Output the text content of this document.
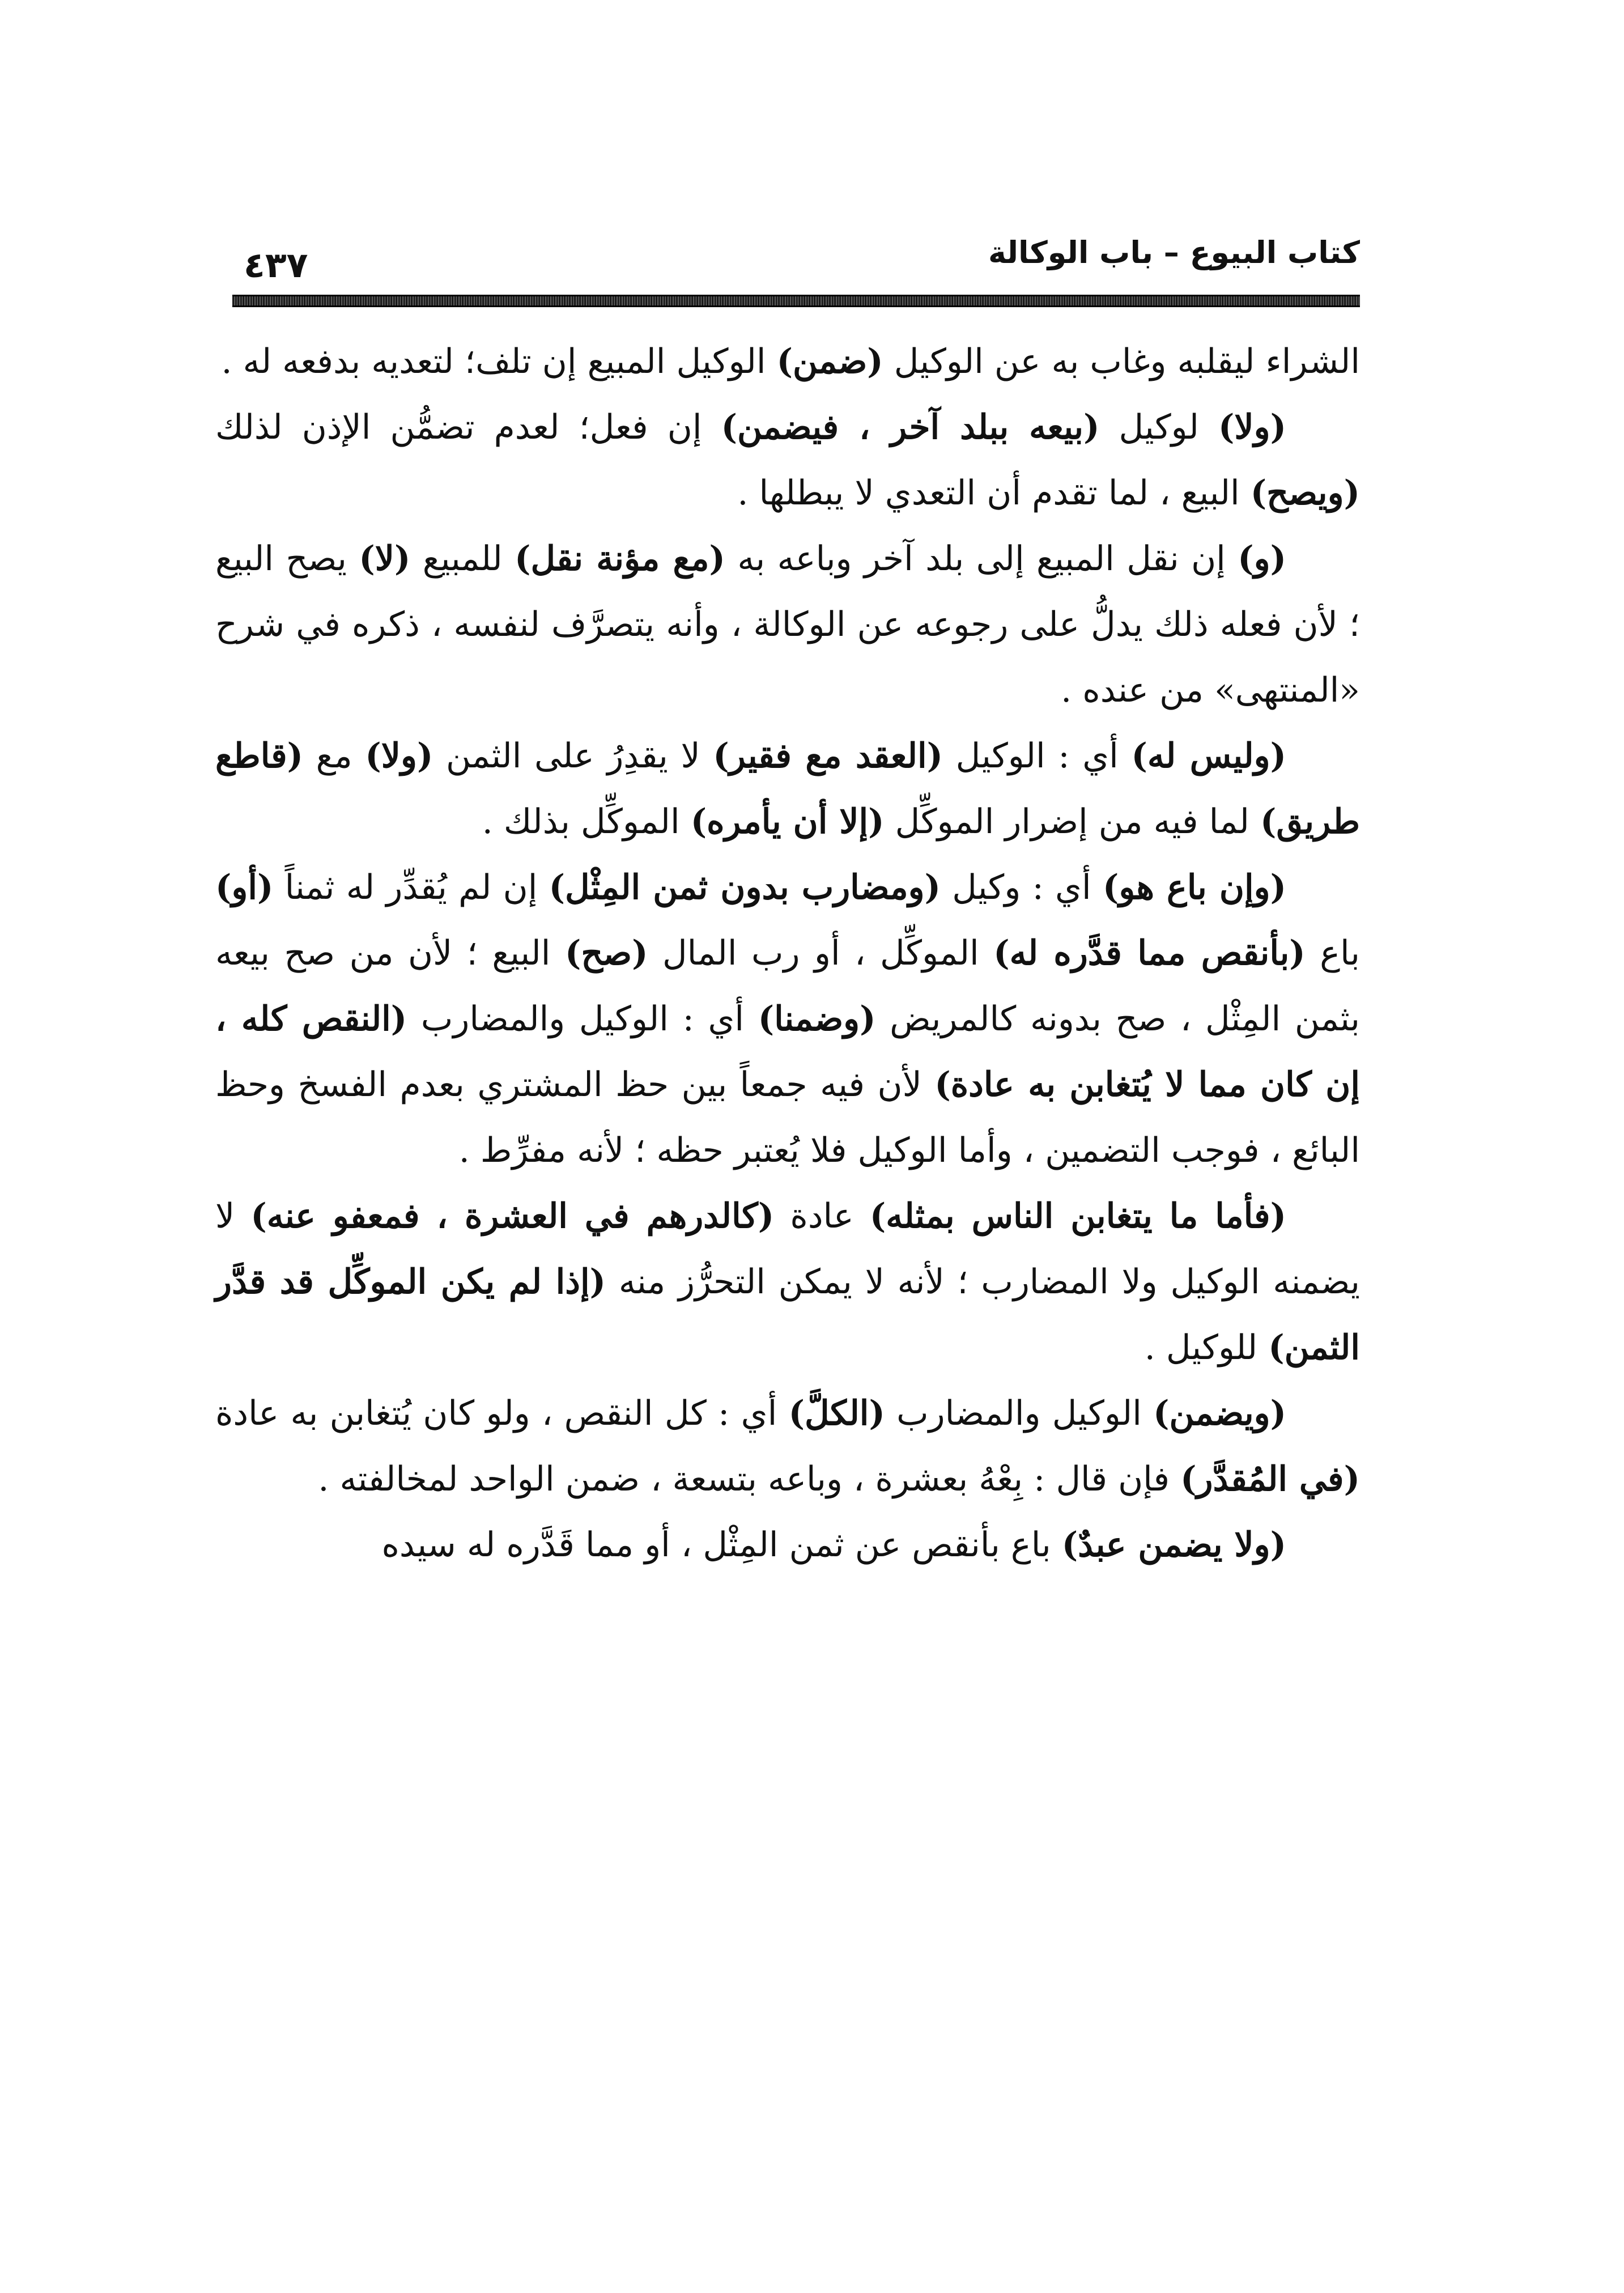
كتاب البيوع – باب الوكالة
٤٣٧

الشراء ليقلبه وغاب به عن الوكيل (ضمن) الوكيل المبيع إن تلف؛ لتعديه بدفعه له .

(ولا) لوكيل (بيعه ببلد آخر ، فيضمن) إن فعل؛ لعدم تضمُّن الإذن لذلك (ويصح) البيع ، لما تقدم أن التعدي لا يبطلها .

(و) إن نقل المبيع إلى بلد آخر وباعه به (مع مؤنة نقل) للمبيع (لا) يصح البيع ؛ لأن فعله ذلك يدلُّ على رجوعه عن الوكالة ، وأنه يتصرَّف لنفسه ، ذكره في شرح «المنتهى» من عنده .

(وليس له) أي : الوكيل (العقد مع فقير) لا يقدِرُ على الثمن (ولا) مع (قاطع طريق) لما فيه من إضرار الموكِّل (إلا أن يأمره) الموكِّل بذلك .

(وإن باع هو) أي : وكيل (ومضارب بدون ثمن المِثْل) إن لم يُقدِّر له ثمناً (أو) باع (بأنقص مما قدَّره له) الموكِّل ، أو رب المال (صح) البيع ؛ لأن من صح بيعه بثمن المِثْل ، صح بدونه كالمريض (وضمنا) أي : الوكيل والمضارب (النقص كله ، إن كان مما لا يُتغابن به عادة) لأن فيه جمعاً بين حظ المشتري بعدم الفسخ وحظ البائع ، فوجب التضمين ، وأما الوكيل فلا يُعتبر حظه ؛ لأنه مفرِّط .

(فأما ما يتغابن الناس بمثله) عادة (كالدرهم في العشرة ، فمعفو عنه) لا يضمنه الوكيل ولا المضارب ؛ لأنه لا يمكن التحرُّز منه (إذا لم يكن الموكِّل قد قدَّر الثمن) للوكيل .

(ويضمن) الوكيل والمضارب (الكلَّ) أي : كل النقص ، ولو كان يُتغابن به عادة (في المُقدَّر) فإن قال : بِعْهُ بعشرة ، وباعه بتسعة ، ضمن الواحد لمخالفته .

(ولا يضمن عبدٌ) باع بأنقص عن ثمن المِثْل ، أو مما قَدَّره له سيده
